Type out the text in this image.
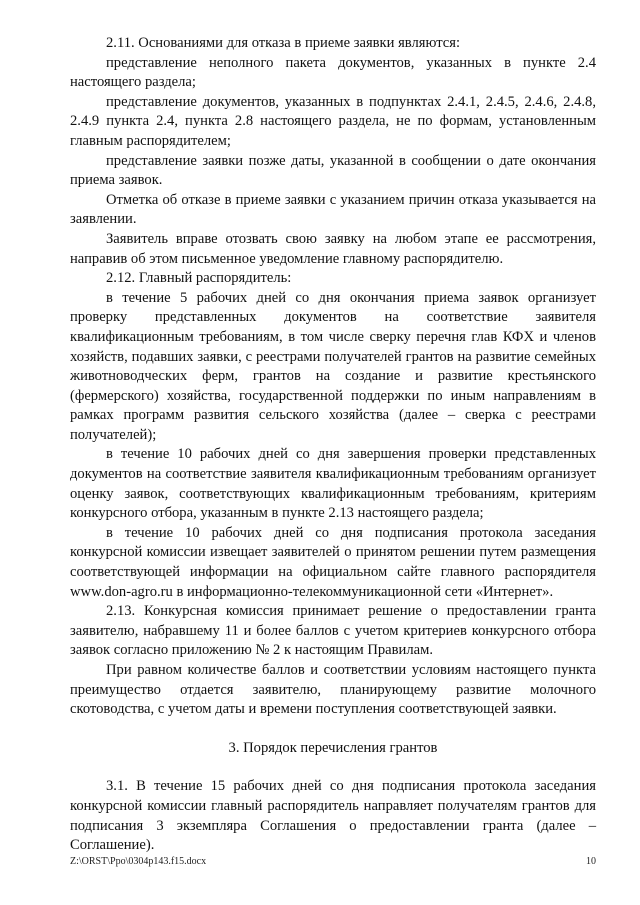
2.11. Основаниями для отказа в приеме заявки являются:

представление неполного пакета документов, указанных в пункте 2.4 настоящего раздела;

представление документов, указанных в подпунктах 2.4.1, 2.4.5, 2.4.6, 2.4.8, 2.4.9 пункта 2.4, пункта 2.8 настоящего раздела, не по формам, установленным главным распорядителем;

представление заявки позже даты, указанной в сообщении о дате окончания приема заявок.

Отметка об отказе в приеме заявки с указанием причин отказа указывается на заявлении.

Заявитель вправе отозвать свою заявку на любом этапе ее рассмотрения, направив об этом письменное уведомление главному распорядителю.

2.12. Главный распорядитель:

в течение 5 рабочих дней со дня окончания приема заявок организует проверку представленных документов на соответствие заявителя квалификационным требованиям, в том числе сверку перечня глав КФХ и членов хозяйств, подавших заявки, с реестрами получателей грантов на развитие семейных животноводческих ферм, грантов на создание и развитие крестьянского (фермерского) хозяйства, государственной поддержки по иным направлениям в рамках программ развития сельского хозяйства (далее – сверка с реестрами получателей);

в течение 10 рабочих дней со дня завершения проверки представленных документов на соответствие заявителя квалификационным требованиям организует оценку заявок, соответствующих квалификационным требованиям, критериям конкурсного отбора, указанным в пункте 2.13 настоящего раздела;

в течение 10 рабочих дней со дня подписания протокола заседания конкурсной комиссии извещает заявителей о принятом решении путем размещения соответствующей информации на официальном сайте главного распорядителя www.don-agro.ru в информационно-телекоммуникационной сети «Интернет».

2.13. Конкурсная комиссия принимает решение о предоставлении гранта заявителю, набравшему 11 и более баллов с учетом критериев конкурсного отбора заявок согласно приложению № 2 к настоящим Правилам.

При равном количестве баллов и соответствии условиям настоящего пункта преимущество отдается заявителю, планирующему развитие молочного скотоводства, с учетом даты и времени поступления соответствующей заявки.

3. Порядок перечисления грантов

3.1. В течение 15 рабочих дней со дня подписания протокола заседания конкурсной комиссии главный распорядитель направляет получателям грантов для подписания 3 экземпляра Соглашения о предоставлении гранта (далее – Соглашение).

Z:\ORST\Ppo\0304p143.f15.docx	10
